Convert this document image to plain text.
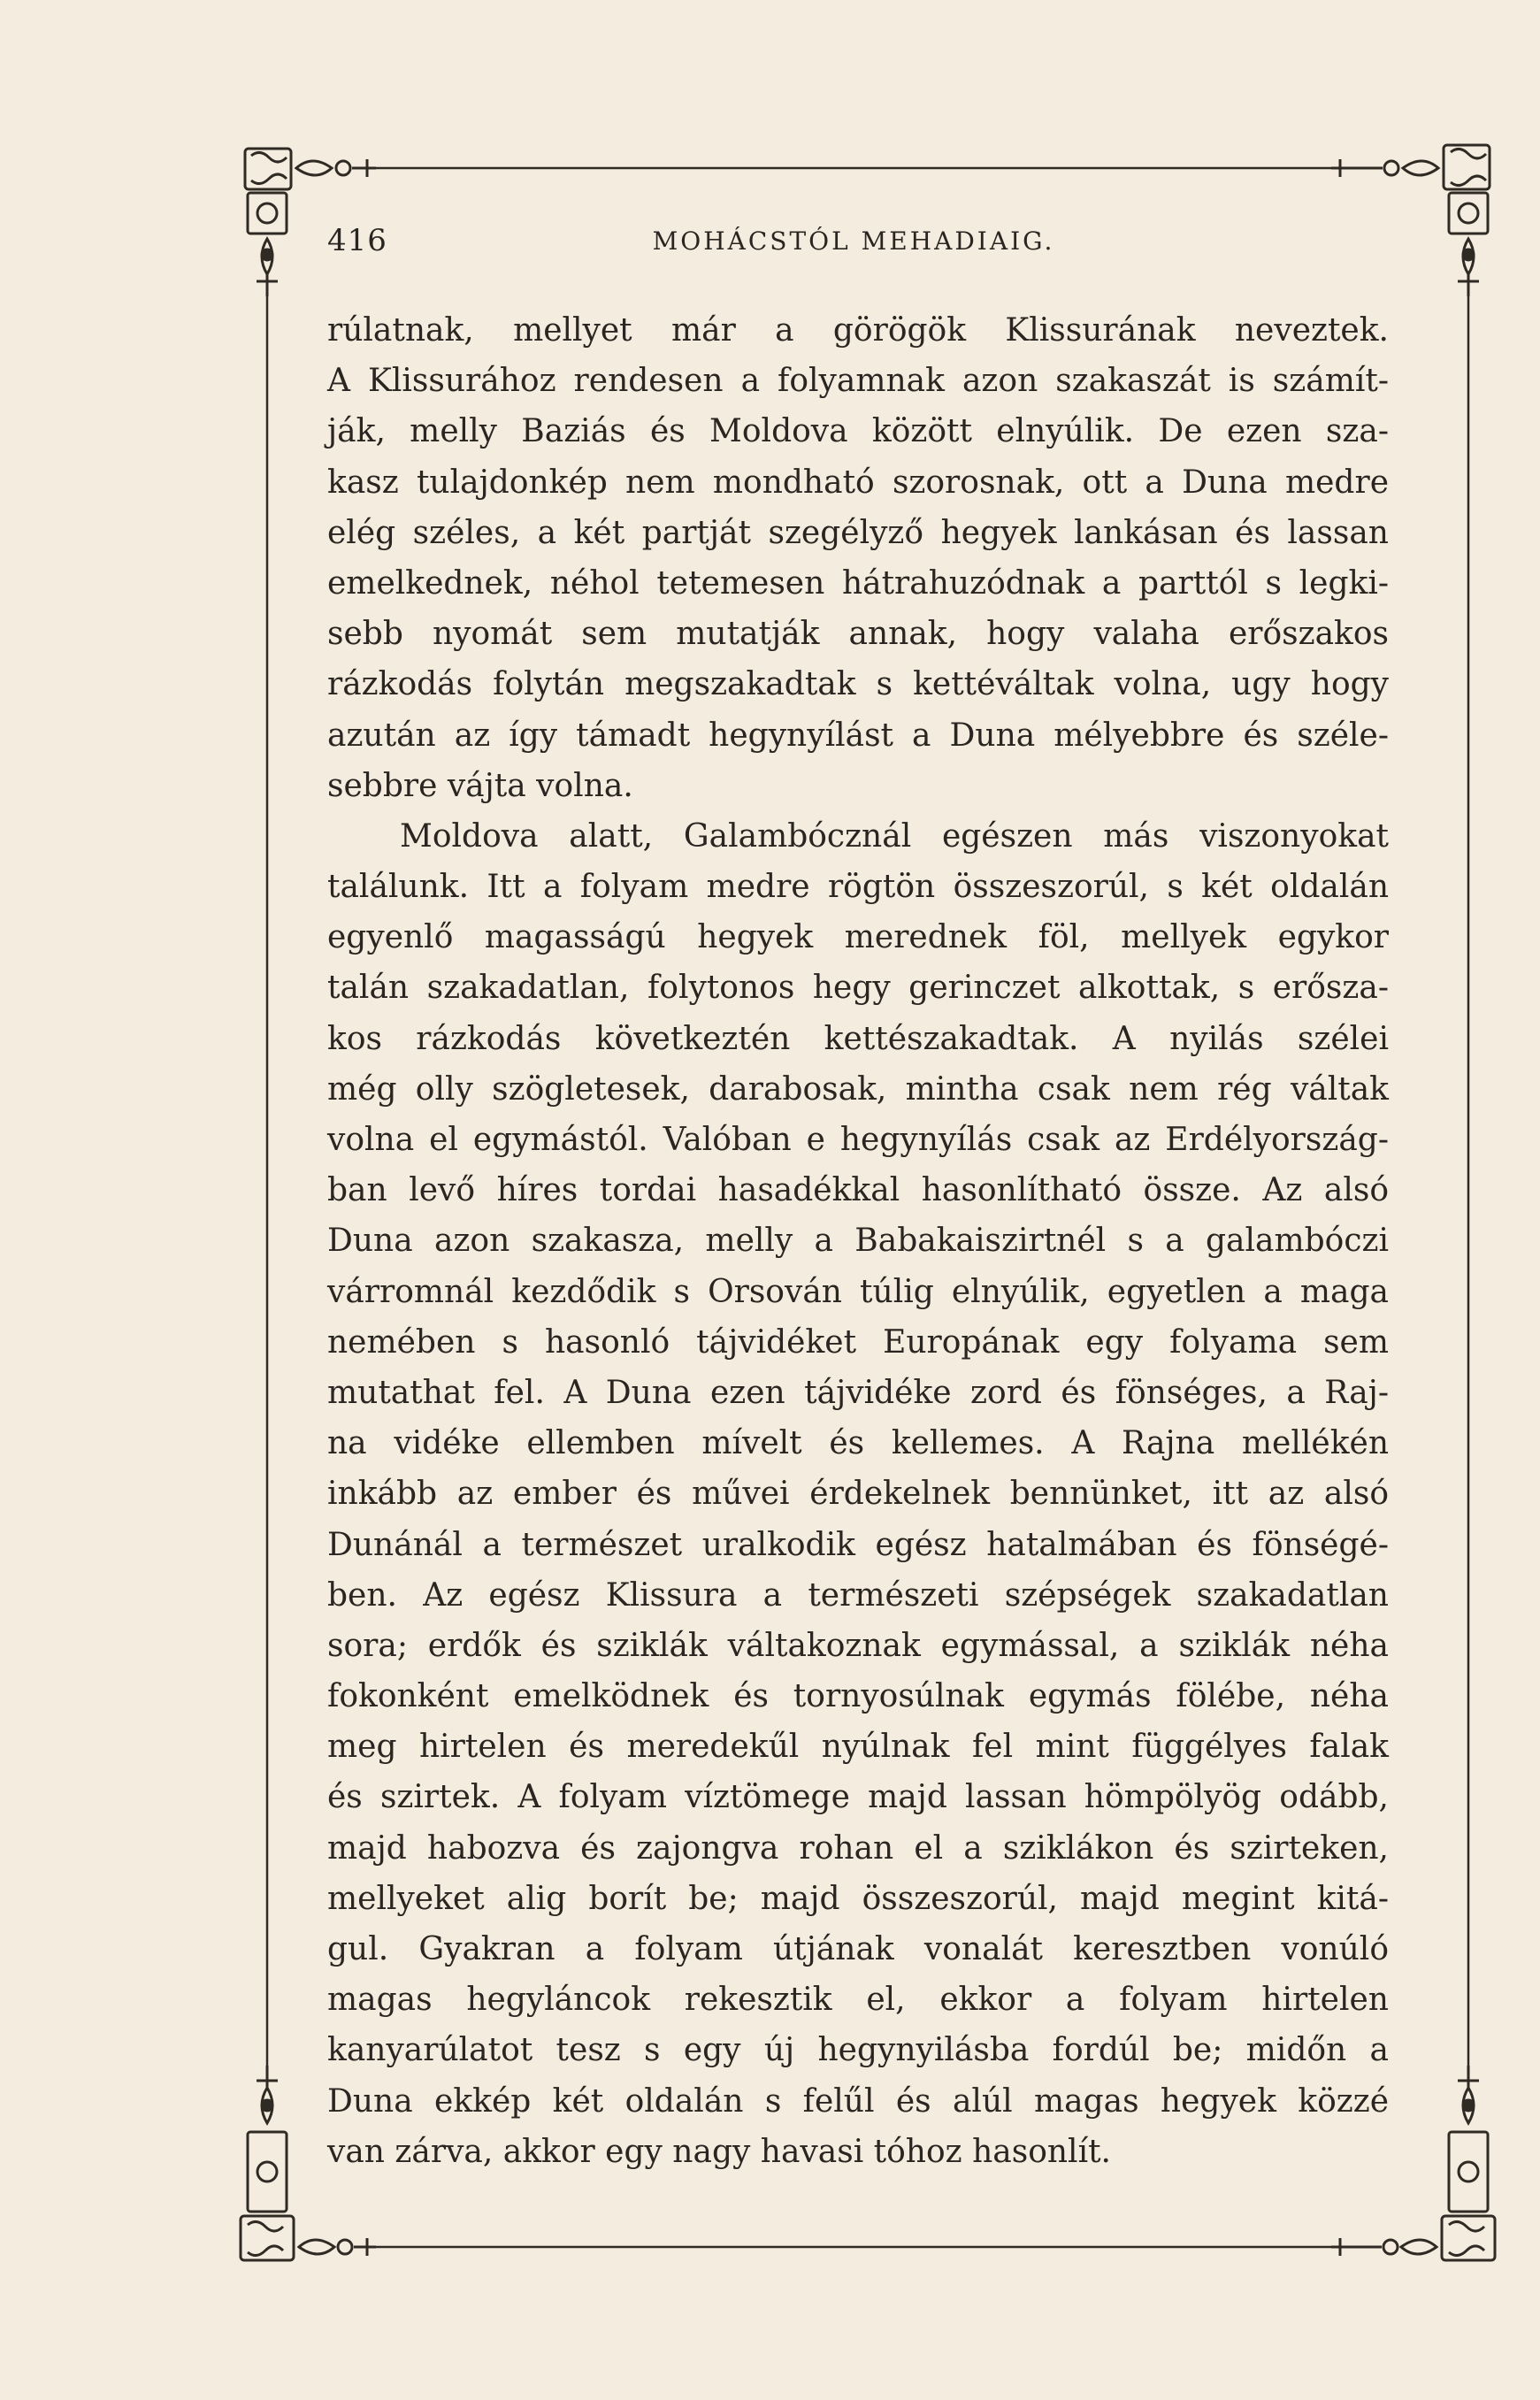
416	MOHÁCSTÓL MEHADIAIG.
rúlatnak, mellyet már a görögök Klissurának neveztek.
A Klissurához rendesen a folyamnak azon szakaszát is számít-
ják, melly Baziás és Moldova között elnyúlik. De ezen sza-
kasz tulajdonkép nem mondható szorosnak, ott a Duna medre
elég széles, a két partját szegélyző hegyek lankásan és lassan
emelkednek, néhol tetemesen hátrahuzódnak a parttól s legki-
sebb nyomát sem mutatják annak, hogy valaha erőszakos
rázkodás folytán megszakadtak s kettéváltak volna, ugy hogy
azután az így támadt hegynyílást a Duna mélyebbre és széle-
sebbre vájta volna.
Moldova alatt, Galambócznál egészen más viszonyokat
találunk. Itt a folyam medre rögtön összeszorúl, s két oldalán
egyenlő magasságú hegyek merednek föl, mellyek egykor
talán szakadatlan, folytonos hegy gerinczet alkottak, s erősza-
kos rázkodás következtén kettészakadtak. A nyilás szélei
még olly szögletesek, darabosak, mintha csak nem rég váltak
volna el egymástól. Valóban e hegynyílás csak az Erdélyország-
ban levő híres tordai hasadékkal hasonlítható össze. Az alsó
Duna azon szakasza, melly a Babakaiszirtnél s a galambóczi
várromnál kezdődik s Orsován túlig elnyúlik, egyetlen a maga
nemében s hasonló tájvidéket Europának egy folyama sem
mutathat fel. A Duna ezen tájvidéke zord és fönséges, a Raj-
na vidéke ellemben mívelt és kellemes. A Rajna mellékén
inkább az ember és művei érdekelnek bennünket, itt az alsó
Dunánál a természet uralkodik egész hatalmában és fönségé-
ben. Az egész Klissura a természeti szépségek szakadatlan
sora; erdők és sziklák váltakoznak egymással, a sziklák néha
fokonként emelködnek és tornyosúlnak egymás fölébe, néha
meg hirtelen és meredekűl nyúlnak fel mint függélyes falak
és szirtek. A folyam víztömege majd lassan hömpölyög odább,
majd habozva és zajongva rohan el a sziklákon és szirteken,
mellyeket alig borít be; majd összeszorúl, majd megint kitá-
gul. Gyakran a folyam útjának vonalát keresztben vonúló
magas hegyláncok rekesztik el, ekkor a folyam hirtelen
kanyarúlatot tesz s egy új hegynyilásba fordúl be; midőn a
Duna ekkép két oldalán s felűl és alúl magas hegyek közzé
van zárva, akkor egy nagy havasi tóhoz hasonlít.
